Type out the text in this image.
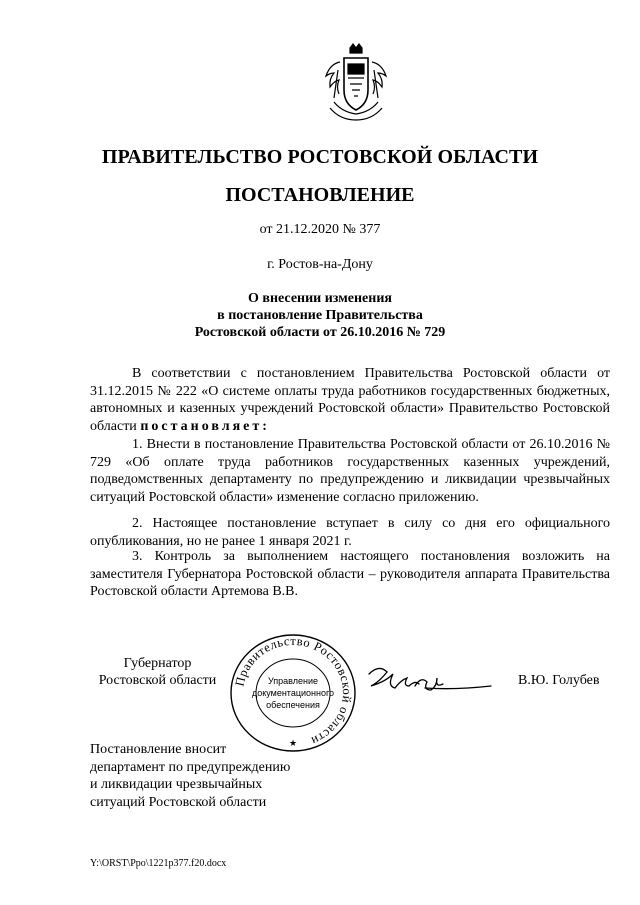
ПРАВИТЕЛЬСТВО РОСТОВСКОЙ ОБЛАСТИ
ПОСТАНОВЛЕНИЕ
от 21.12.2020 № 377
г. Ростов-на-Дону
О внесении изменения
в постановление Правительства
Ростовской области от 26.10.2016 № 729
В соответствии с постановлением Правительства Ростовской области от 31.12.2015 № 222 «О системе оплаты труда работников государственных бюджетных, автономных и казенных учреждений Ростовской области» Правительство Ростовской области постановляет:
1. Внести в постановление Правительства Ростовской области от 26.10.2016 № 729 «Об оплате труда работников государственных казенных учреждений, подведомственных департаменту по предупреждению и ликвидации чрезвычайных ситуаций Ростовской области» изменение согласно приложению.
2. Настоящее постановление вступает в силу со дня его официального опубликования, но не ранее 1 января 2021 г.
3. Контроль за выполнением настоящего постановления возложить на заместителя Губернатора Ростовской области – руководителя аппарата Правительства Ростовской области Артемова В.В.
Губернатор
Ростовской области	Правительство Ростовской области
Управление
документационного
обеспечения
★
В.Ю. Голубев
Постановление вносит
департамент по предупреждению
и ликвидации чрезвычайных
ситуаций Ростовской области
Y:\ORST\Ppo\1221p377.f20.docx
